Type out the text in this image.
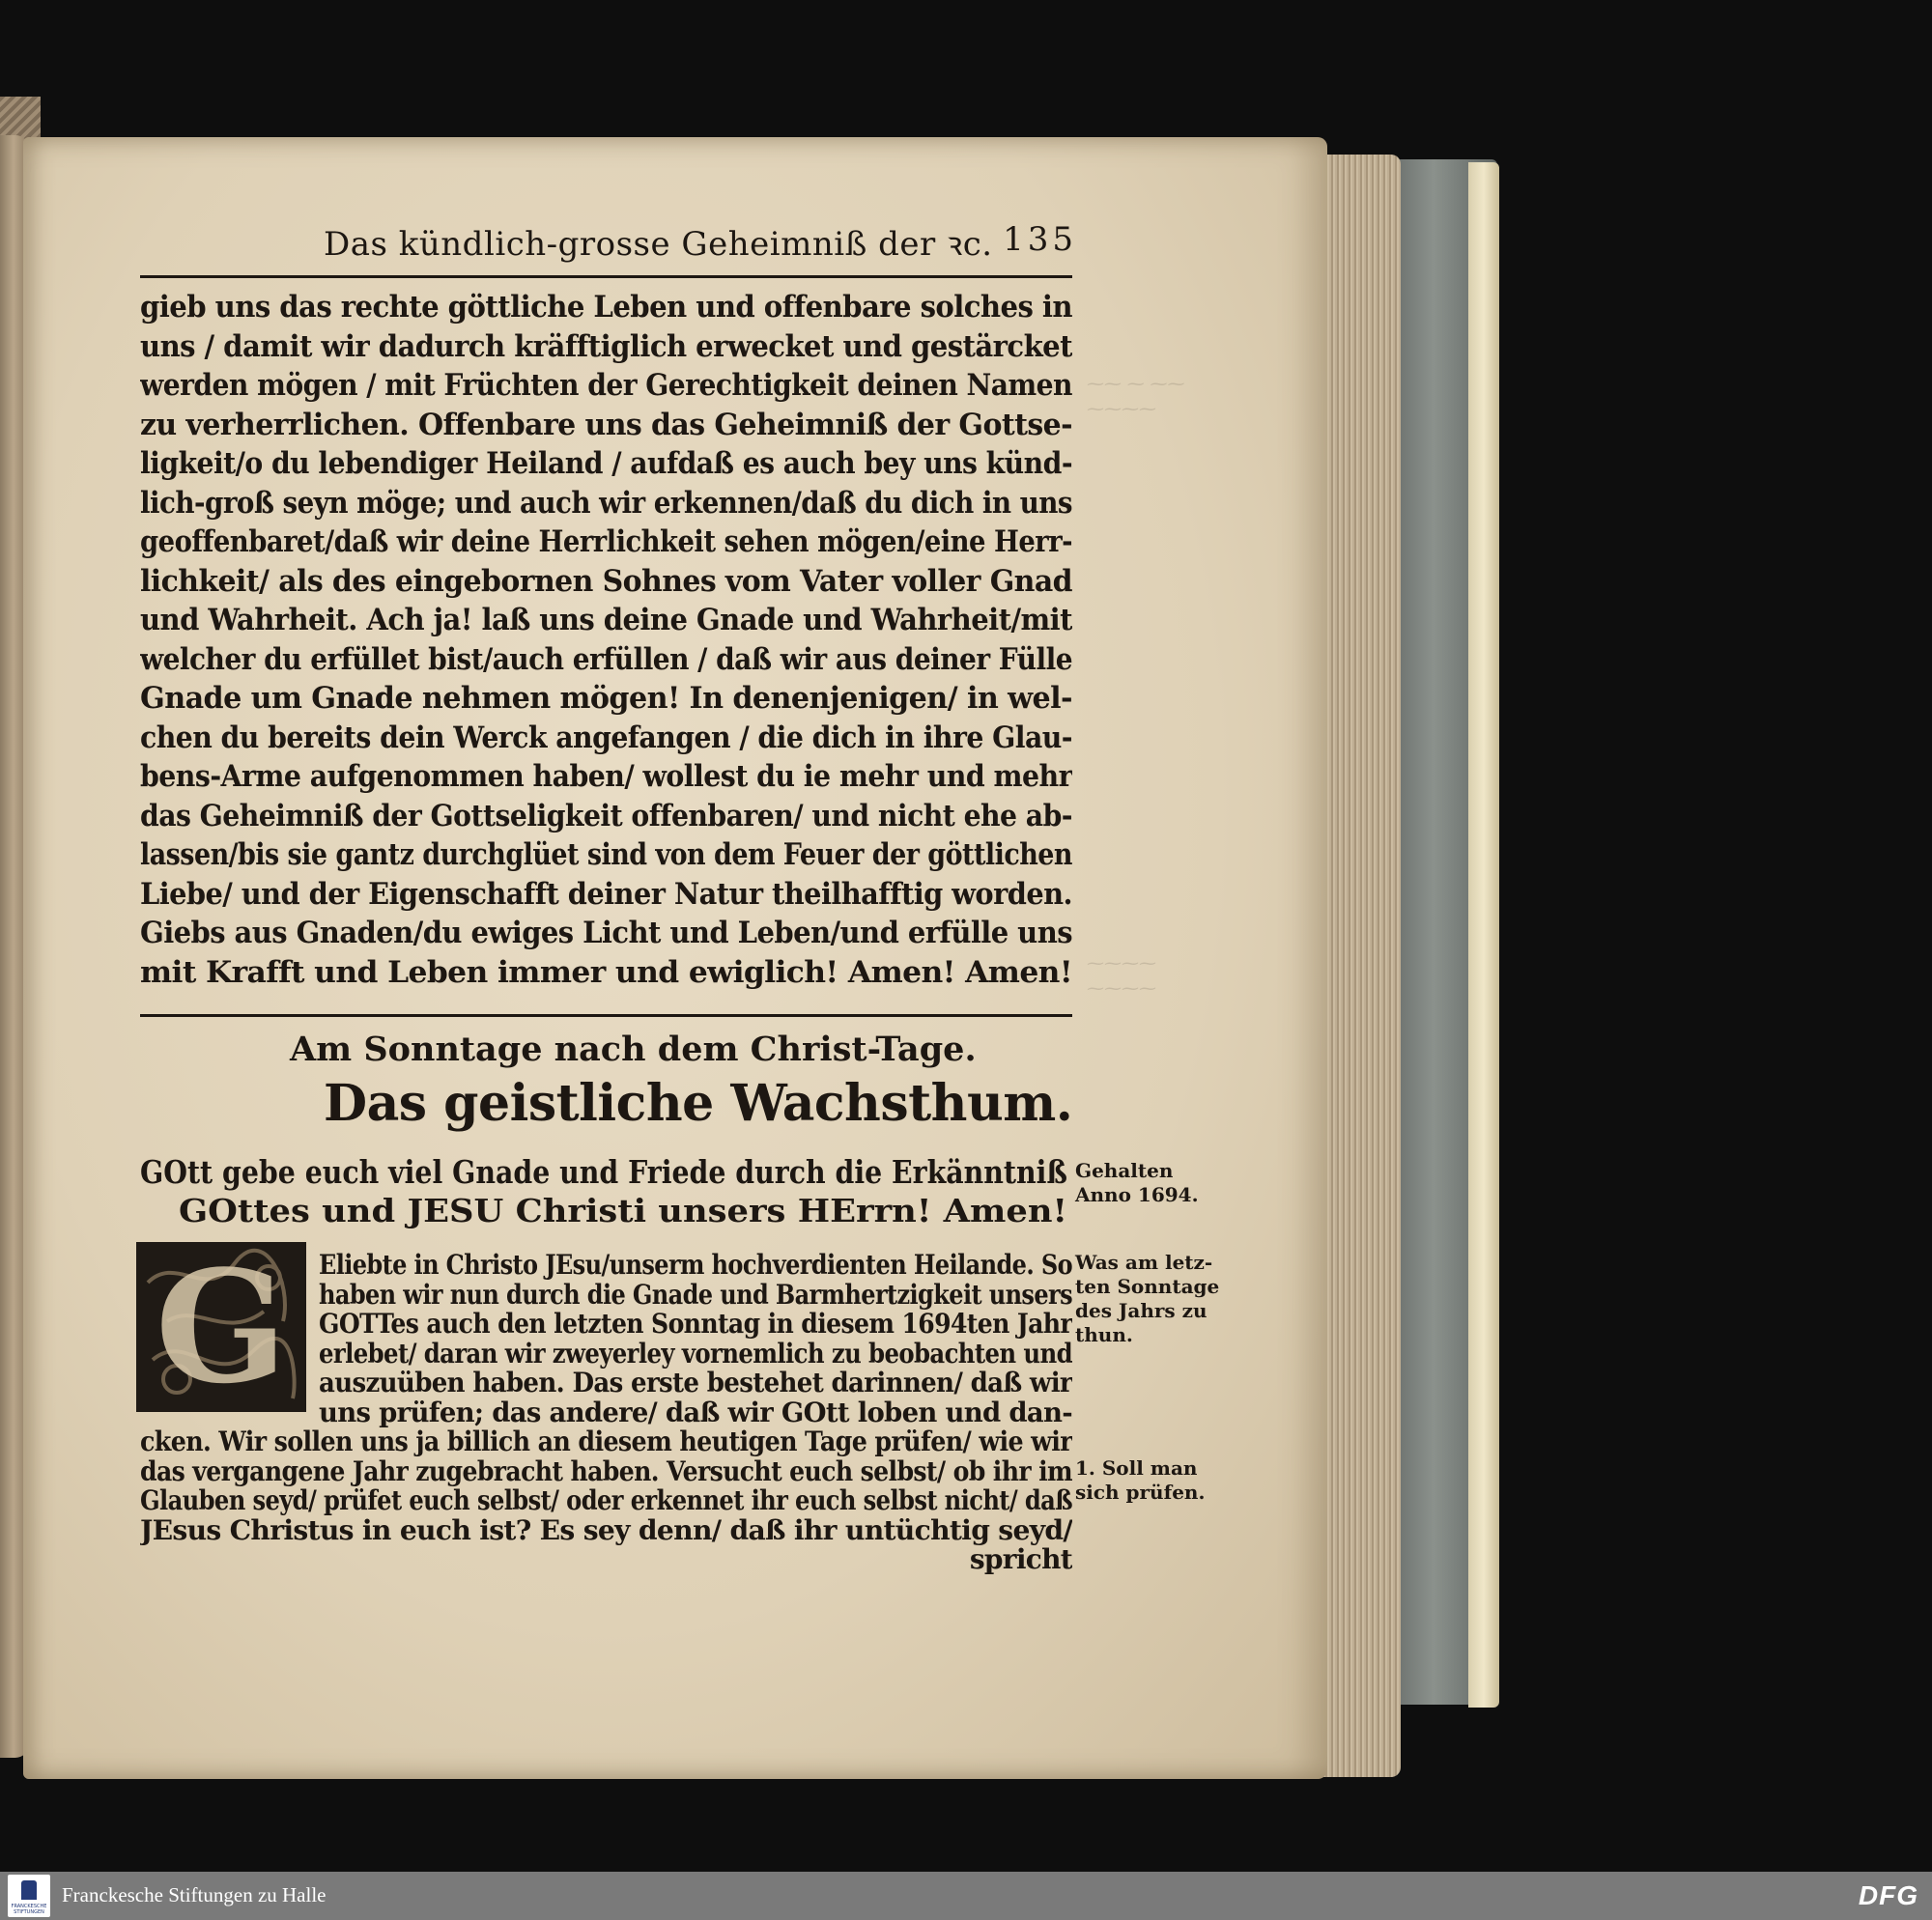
⁓⁓ ⁓ ⁓⁓
⁓⁓⁓⁓
⁓⁓⁓⁓
⁓⁓⁓⁓
Das kündlich-grosse Geheimniß der ꝛc. 135
gieb uns das rechte göttliche Leben und offenbare solches in
uns / damit wir dadurch kräfftiglich erwecket und gestärcket
werden mögen / mit Früchten der Gerechtigkeit deinen Namen
zu verherrlichen. Offenbare uns das Geheimniß der Gottse-
ligkeit/o du lebendiger Heiland / aufdaß es auch bey uns künd-
lich-groß seyn möge; und auch wir erkennen/daß du dich in uns
geoffenbaret/daß wir deine Herrlichkeit sehen mögen/eine Herr-
lichkeit/ als des eingebornen Sohnes vom Vater voller Gnad
und Wahrheit. Ach ja! laß uns deine Gnade und Wahrheit/mit
welcher du erfüllet bist/auch erfüllen / daß wir aus deiner Fülle
Gnade um Gnade nehmen mögen! In denenjenigen/ in wel-
chen du bereits dein Werck angefangen / die dich in ihre Glau-
bens-Arme aufgenommen haben/ wollest du ie mehr und mehr
das Geheimniß der Gottseligkeit offenbaren/ und nicht ehe ab-
lassen/bis sie gantz durchglüet sind von dem Feuer der göttlichen
Liebe/ und der Eigenschafft deiner Natur theilhafftig worden.
Giebs aus Gnaden/du ewiges Licht und Leben/und erfülle uns
mit Krafft und Leben immer und ewiglich! Amen! Amen!
Am Sonntage nach dem Christ-Tage.
Das geistliche Wachsthum.
GOtt gebe euch viel Gnade und Friede durch die Erkänntniß
GOttes und JESU Christi unsers HErrn! Amen!
G	Eliebte in Christo JEsu/unserm hochverdienten Heilande. So
haben wir nun durch die Gnade und Barmhertzigkeit unsers
GOTTes auch den letzten Sonntag in diesem 1694ten Jahr
erlebet/ daran wir zweyerley vornemlich zu beobachten und
auszuüben haben. Das erste bestehet darinnen/ daß wir
uns prüfen; das andere/ daß wir GOtt loben und dan-
cken. Wir sollen uns ja billich an diesem heutigen Tage prüfen/ wie wir
das vergangene Jahr zugebracht haben. Versucht euch selbst/ ob ihr im
Glauben seyd/ prüfet euch selbst/ oder erkennet ihr euch selbst nicht/ daß
JEsus Christus in euch ist? Es sey denn/ daß ihr untüchtig seyd/
spricht
Gehalten
Anno 1694.
Was am letz-
ten Sonntage
des Jahrs zu
thun.
1. Soll man
sich prüfen.
FRANCKESCHE STIFTUNGEN
Franckesche Stiftungen zu Halle	DFG
